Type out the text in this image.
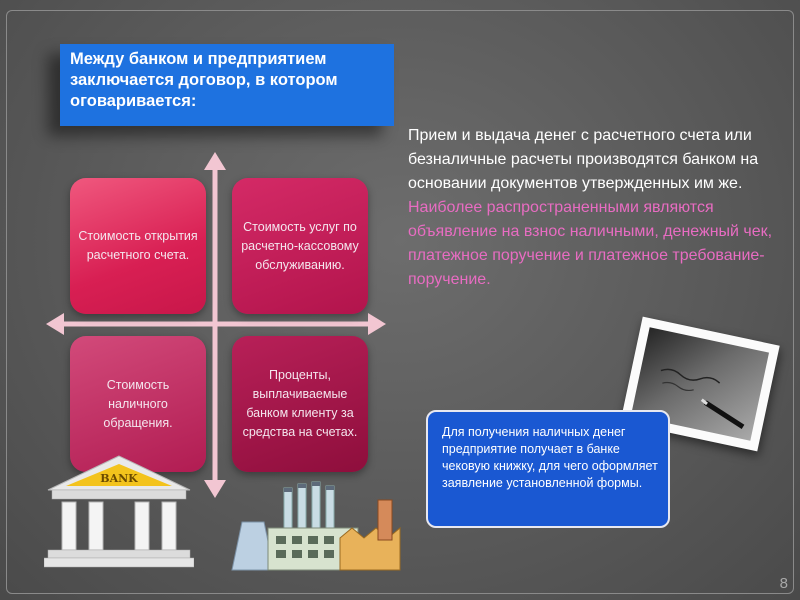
Между банком и предприятием заключается договор, в котором оговаривается:
Стоимость открытия расчетного счета.
Стоимость услуг по расчетно-кассовому обслуживанию.
Стоимость наличного обращения.
Проценты, выплачиваемые банком клиенту за средства на счетах.
Прием и выдача денег с расчетного счета или безналичные расчеты производятся банком на основании документов утвержденных им же. Наиболее распространенными являются объявление на взнос наличными, денежный чек, платежное поручение и платежное требование-поручение.
Для получения наличных денег предприятие получает в банке чековую книжку, для чего оформляет заявление установленной формы.
BANK
8
